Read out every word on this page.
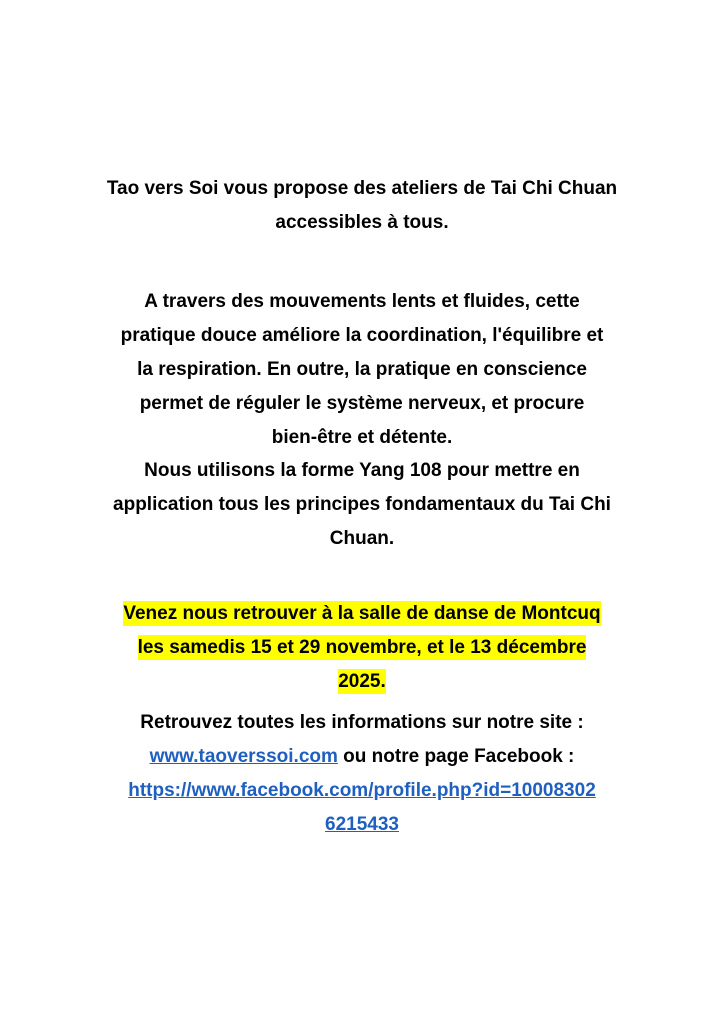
Tao vers Soi vous propose des ateliers de Tai Chi Chuan
accessibles à tous.

A travers des mouvements lents et fluides, cette
pratique douce améliore la coordination, l'équilibre et
la respiration. En outre, la pratique en conscience
permet de réguler le système nerveux, et procure
bien-être et détente.

Nous utilisons la forme Yang 108 pour mettre en
application tous les principes fondamentaux du Tai Chi
Chuan.

Venez nous retrouver à la salle de danse de Montcuq
les samedis 15 et 29 novembre, et le 13 décembre
2025.

Retrouvez toutes les informations sur notre site :
www.taoverssoi.com ou notre page Facebook :
https://www.facebook.com/profile.php?id=10008302
6215433
